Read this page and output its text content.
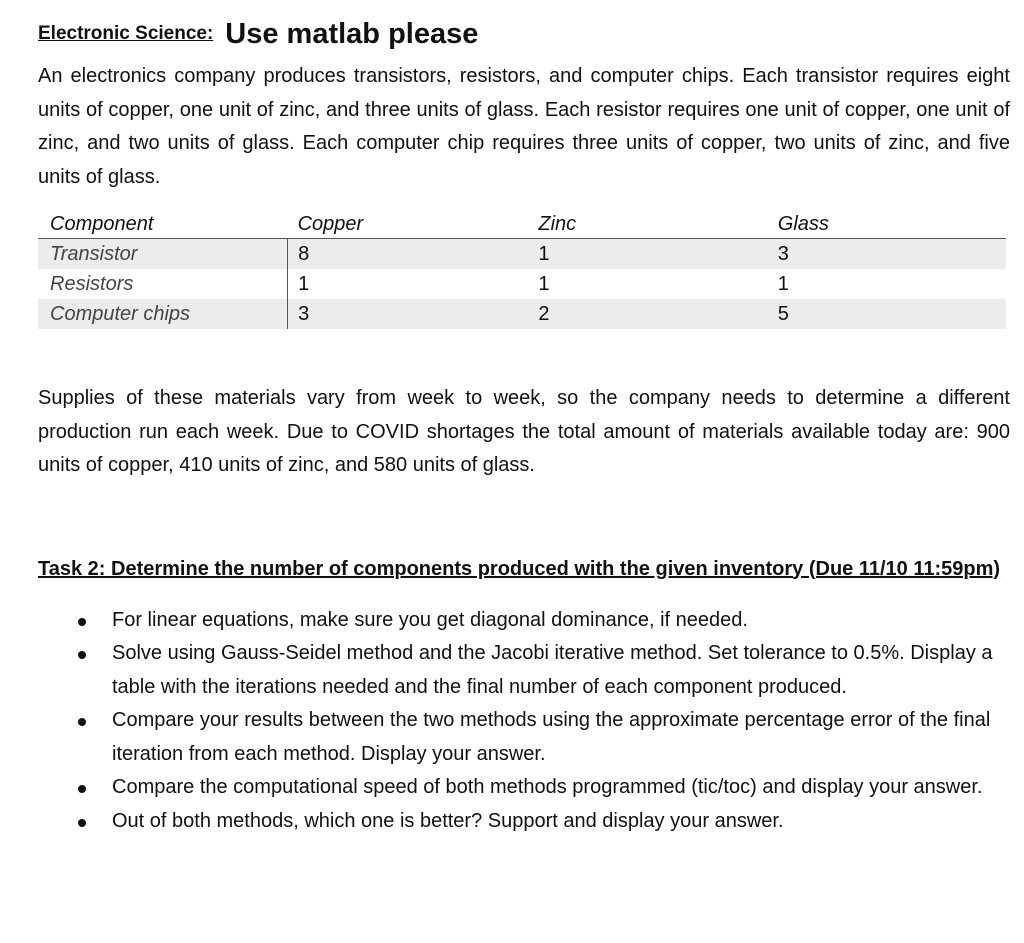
Electronic Science: Use matlab please

An electronics company produces transistors, resistors, and computer chips. Each transistor requires eight units of copper, one unit of zinc, and three units of glass. Each resistor requires one unit of copper, one unit of zinc, and two units of glass. Each computer chip requires three units of copper, two units of zinc, and five units of glass.

Component	Copper	Zinc	Glass
Transistor	8	1	3
Resistors	1	1	1
Computer chips	3	2	5

Supplies of these materials vary from week to week, so the company needs to determine a different production run each week. Due to COVID shortages the total amount of materials available today are: 900 units of copper, 410 units of zinc, and 580 units of glass.

Task 2: Determine the number of components produced with the given inventory (Due 11/10 11:59pm)
For linear equations, make sure you get diagonal dominance, if needed.
Solve using Gauss-Seidel method and the Jacobi iterative method. Set tolerance to 0.5%. Display a table with the iterations needed and the final number of each component produced.
Compare your results between the two methods using the approximate percentage error of the final iteration from each method. Display your answer.
Compare the computational speed of both methods programmed (tic/toc) and display your answer.
Out of both methods, which one is better? Support and display your answer.
